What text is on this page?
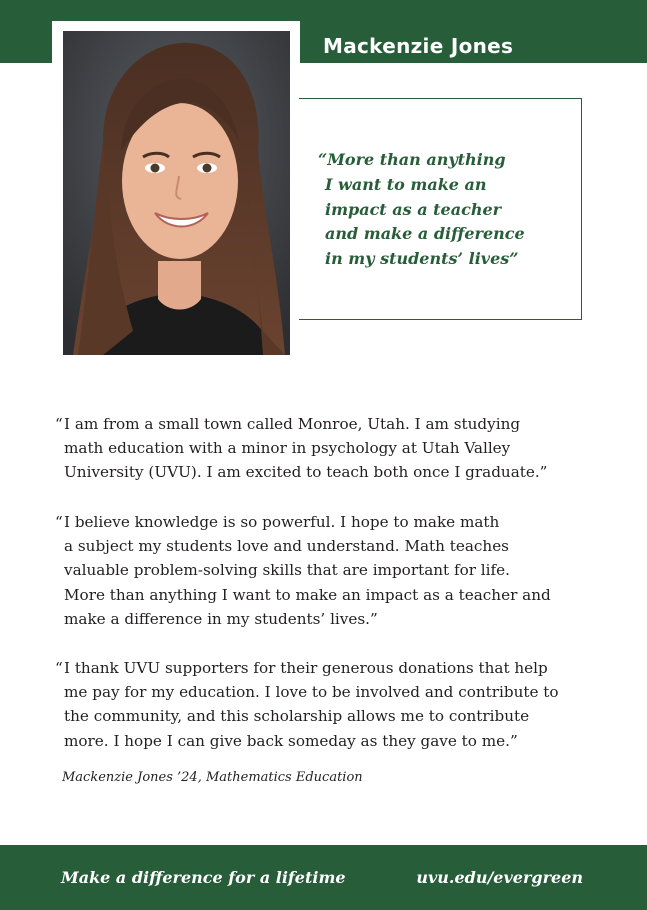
Mackenzie Jones
“More than anything
I want to make an
impact as a teacher
and make a difference
in my students’ lives”
“ I am from a small town called Monroe, Utah. I am studying
math education with a minor in psychology at Utah Valley
University (UVU). I am excited to teach both once I graduate.”
“ I believe knowledge is so powerful. I hope to make math
a subject my students love and understand. Math teaches
valuable problem-solving skills that are important for life.
More than anything I want to make an impact as a teacher and
make a difference in my students’ lives.”
“ I thank UVU supporters for their generous donations that help
me pay for my education. I love to be involved and contribute to
the community, and this scholarship allows me to contribute
more. I hope I can give back someday as they gave to me.”
Mackenzie Jones ’24, Mathematics Education
Make a difference for a lifetime	uvu.edu/evergreen
